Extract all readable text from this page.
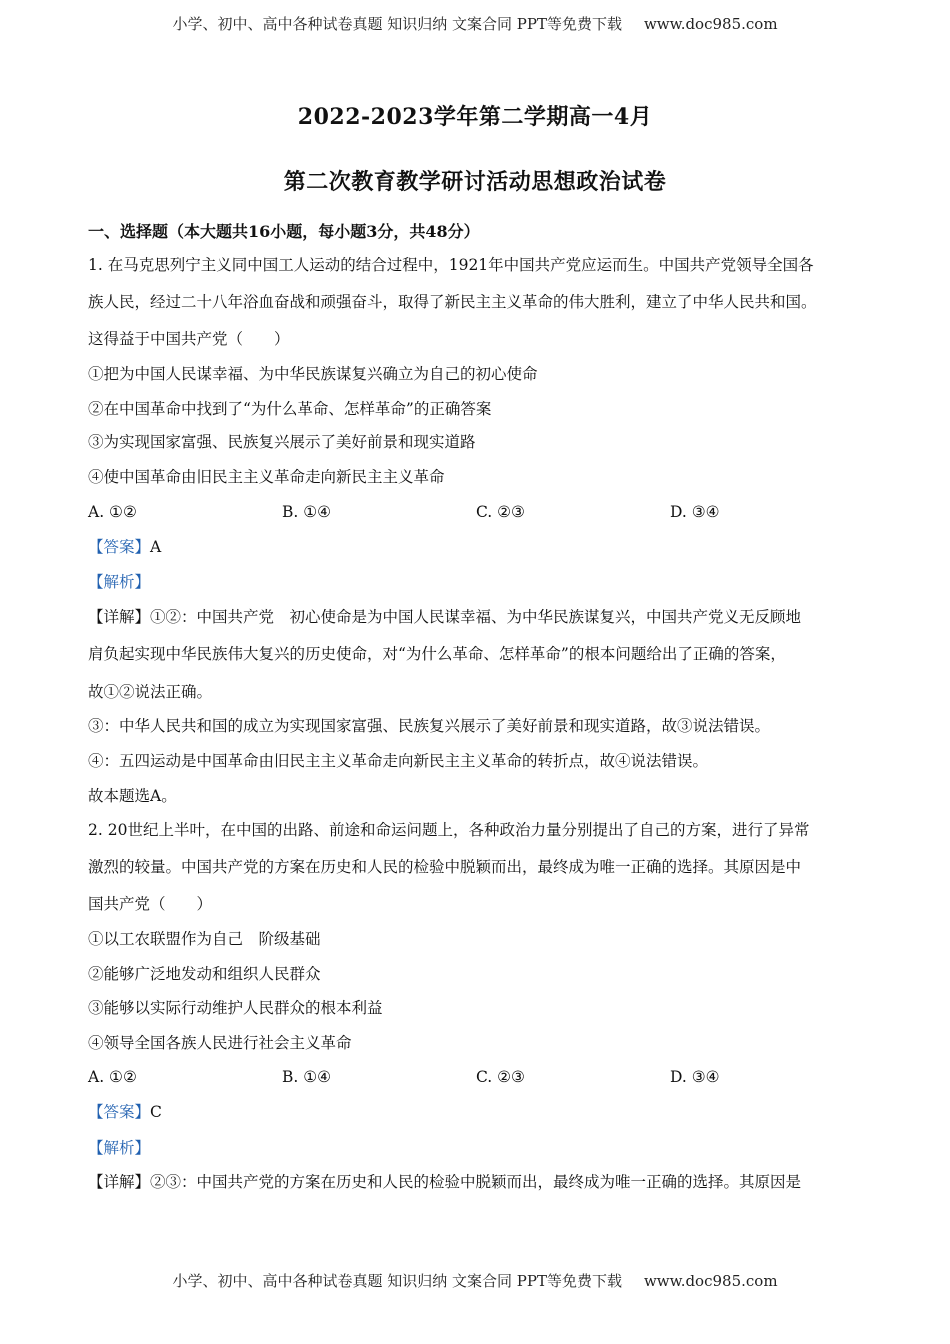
小学、初中、高中各种试卷真题 知识归纳 文案合同 PPT等免费下载 www.doc985.com
2022-2023学年第二学期高一4月
第二次教育教学研讨活动思想政治试卷
一、选择题（本大题共16小题，每小题3分，共48分）
1. 在马克思列宁主义同中国工人运动的结合过程中，1921年中国共产党应运而生。中国共产党领导全国各
族人民，经过二十八年浴血奋战和顽强奋斗，取得了新民主主义革命的伟大胜利，建立了中华人民共和国。
这得益于中国共产党（　　）
①把为中国人民谋幸福、为中华民族谋复兴确立为自己的初心使命
②在中国革命中找到了“为什么革命、怎样革命”的正确答案
③为实现国家富强、民族复兴展示了美好前景和现实道路
④使中国革命由旧民主主义革命走向新民主主义革命
A. ①②	B. ①④	C. ②③	D. ③④
【答案】A
【解析】
【详解】①②：中国共产党　初心使命是为中国人民谋幸福、为中华民族谋复兴，中国共产党义无反顾地
肩负起实现中华民族伟大复兴的历史使命，对“为什么革命、怎样革命”的根本问题给出了正确的答案，
故①②说法正确。
③：中华人民共和国的成立为实现国家富强、民族复兴展示了美好前景和现实道路，故③说法错误。
④：五四运动是中国革命由旧民主主义革命走向新民主主义革命的转折点，故④说法错误。
故本题选A。
2. 20世纪上半叶，在中国的出路、前途和命运问题上，各种政治力量分别提出了自己的方案，进行了异常
激烈的较量。中国共产党的方案在历史和人民的检验中脱颖而出，最终成为唯一正确的选择。其原因是中
国共产党（　　）
①以工农联盟作为自己　阶级基础
②能够广泛地发动和组织人民群众
③能够以实际行动维护人民群众的根本利益
④领导全国各族人民进行社会主义革命
A. ①②	B. ①④	C. ②③	D. ③④
【答案】C
【解析】
【详解】②③：中国共产党的方案在历史和人民的检验中脱颖而出，最终成为唯一正确的选择。其原因是
小学、初中、高中各种试卷真题 知识归纳 文案合同 PPT等免费下载 www.doc985.com
